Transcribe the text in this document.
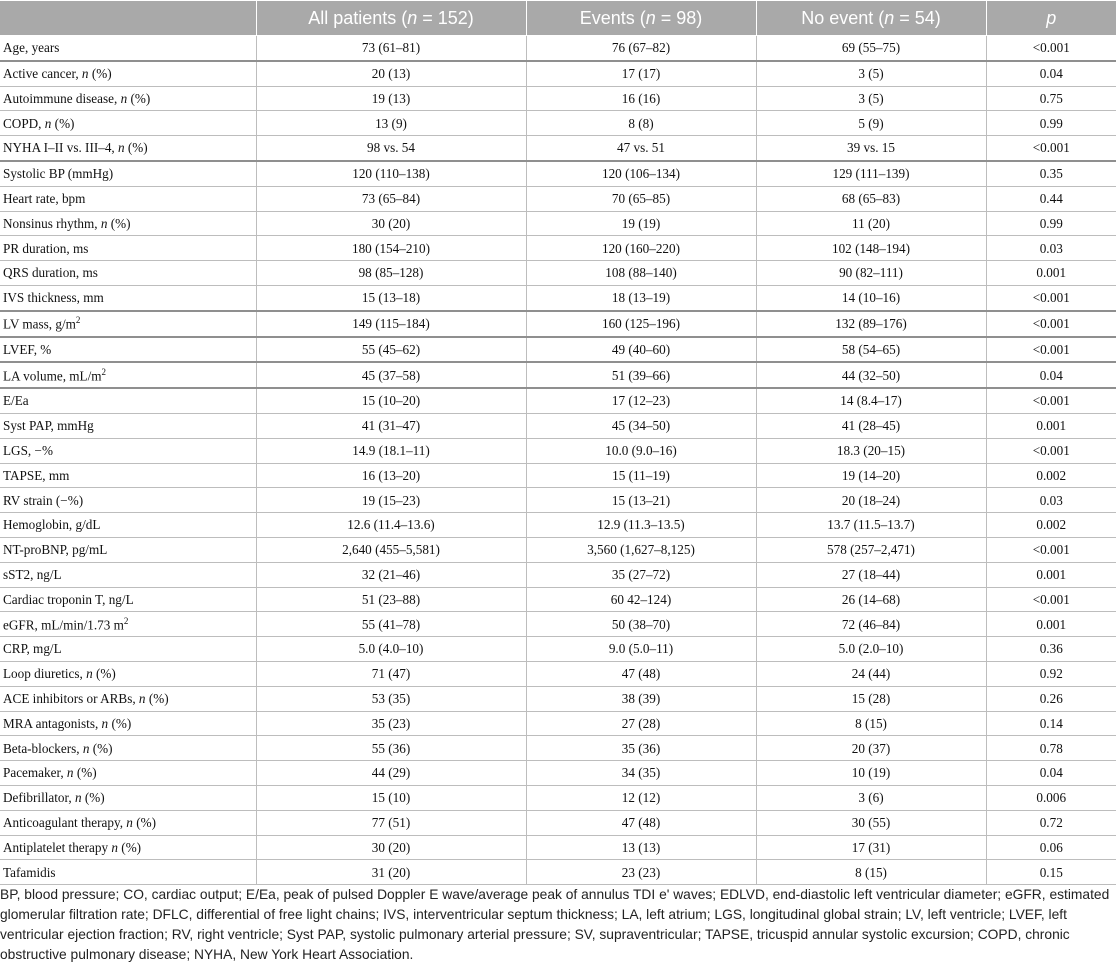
	All patients (n = 152)	Events (n = 98)	No event (n = 54)	p
Age, years	73 (61–81)	76 (67–82)	69 (55–75)	<0.001
Active cancer, n (%)	20 (13)	17 (17)	3 (5)	0.04
Autoimmune disease, n (%)	19 (13)	16 (16)	3 (5)	0.75
COPD, n (%)	13 (9)	8 (8)	5 (9)	0.99
NYHA I–II vs. III–4, n (%)	98 vs. 54	47 vs. 51	39 vs. 15	<0.001
Systolic BP (mmHg)	120 (110–138)	120 (106–134)	129 (111–139)	0.35
Heart rate, bpm	73 (65–84)	70 (65–85)	68 (65–83)	0.44
Nonsinus rhythm, n (%)	30 (20)	19 (19)	11 (20)	0.99
PR duration, ms	180 (154–210)	120 (160–220)	102 (148–194)	0.03
QRS duration, ms	98 (85–128)	108 (88–140)	90 (82–111)	0.001
IVS thickness, mm	15 (13–18)	18 (13–19)	14 (10–16)	<0.001
LV mass, $g/m^2$	149 (115–184)	160 (125–196)	132 (89–176)	<0.001
LVEF, %	55 (45–62)	49 (40–60)	58 (54–65)	<0.001
LA volume, $mL/m^2$	45 (37–58)	51 (39–66)	44 (32–50)	0.04
E/Ea	15 (10–20)	17 (12–23)	14 (8.4–17)	<0.001
Syst PAP, mmHg	41 (31–47)	45 (34–50)	41 (28–45)	0.001
LGS, −%	14.9 (18.1–11)	10.0 (9.0–16)	18.3 (20–15)	<0.001
TAPSE, mm	16 (13–20)	15 (11–19)	19 (14–20)	0.002
RV strain (−%)	19 (15–23)	15 (13–21)	20 (18–24)	0.03
Hemoglobin, g/dL	12.6 (11.4–13.6)	12.9 (11.3–13.5)	13.7 (11.5–13.7)	0.002
NT-proBNP, pg/mL	2,640 (455–5,581)	3,560 (1,627–8,125)	578 (257–2,471)	<0.001
sST2, ng/L	32 (21–46)	35 (27–72)	27 (18–44)	0.001
Cardiac troponin T, ng/L	51 (23–88)	60 42–124)	26 (14–68)	<0.001
eGFR, mL/min/1.73 $m^2$	55 (41–78)	50 (38–70)	72 (46–84)	0.001
CRP, mg/L	5.0 (4.0–10)	9.0 (5.0–11)	5.0 (2.0–10)	0.36
Loop diuretics, n (%)	71 (47)	47 (48)	24 (44)	0.92
ACE inhibitors or ARBs, n (%)	53 (35)	38 (39)	15 (28)	0.26
MRA antagonists, n (%)	35 (23)	27 (28)	8 (15)	0.14
Beta-blockers, n (%)	55 (36)	35 (36)	20 (37)	0.78
Pacemaker, n (%)	44 (29)	34 (35)	10 (19)	0.04
Defibrillator, n (%)	15 (10)	12 (12)	3 (6)	0.006
Anticoagulant therapy, n (%)	77 (51)	47 (48)	30 (55)	0.72
Antiplatelet therapy n (%)	30 (20)	13 (13)	17 (31)	0.06
Tafamidis	31 (20)	23 (23)	8 (15)	0.15
BP, blood pressure; CO, cardiac output; E/Ea, peak of pulsed Doppler E wave/average peak of annulus TDI e' waves; EDLVD, end-diastolic left ventricular diameter; eGFR, estimated glomerular filtration rate; DFLC, differential of free light chains; IVS, interventricular septum thickness; LA, left atrium; LGS, longitudinal global strain; LV, left ventricle; LVEF, left ventricular ejection fraction; RV, right ventricle; Syst PAP, systolic pulmonary arterial pressure; SV, supraventricular; TAPSE, tricuspid annular systolic excursion; COPD, chronic obstructive pulmonary disease; NYHA, New York Heart Association.
